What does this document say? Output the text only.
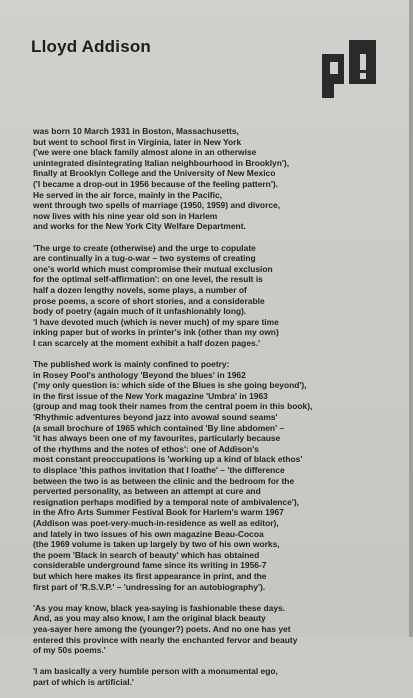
Lloyd Addison

was born 10 March 1931 in Boston, Massachusetts,
but went to school first in Virginia, later in New York
('we were one black family almost alone in an otherwise
unintegrated disintegrating Italian neighbourhood in Brooklyn'),
finally at Brooklyn College and the University of New Mexico
('I became a drop-out in 1956 because of the feeling pattern').
He served in the air force, mainly in the Pacific,
went through two spells of marriage (1950, 1959) and divorce,
now lives with his nine year old son in Harlem
and works for the New York City Welfare Department.

'The urge to create (otherwise) and the urge to copulate
are continually in a tug-o-war – two systems of creating
one's world which must compromise their mutual exclusion
for the optimal self-affirmation': on one level, the result is
half a dozen lengthy novels, some plays, a number of
prose poems, a score of short stories, and a considerable
body of poetry (again much of it unfashionably long).
'I have devoted much (which is never much) of my spare time
inking paper but of works in printer's ink (other than my own)
I can scarcely at the moment exhibit a half dozen pages.'

The published work is mainly confined to poetry:
in Rosey Pool's anthology 'Beyond the blues' in 1962
('my only question is: which side of the Blues is she going beyond'),
in the first issue of the New York magazine 'Umbra' in 1963
(group and mag took their names from the central poem in this book),
'Rhythmic adventures beyond jazz into avowal sound seams'
(a small brochure of 1965 which contained 'By line abdomen' –
'it has always been one of my favourites, particularly because
of the rhythms and the notes of ethos': one of Addison's
most constant preoccupations is 'working up a kind of black ethos'
to displace 'this pathos invitation that I loathe' – 'the difference
between the two is as between the clinic and the bedroom for the
perverted personality, as between an attempt at cure and
resignation perhaps modified by a temporal note of ambivalence'),
in the Afro Arts Summer Festival Book for Harlem's warm 1967
(Addison was poet-very-much-in-residence as well as editor),
and lately in two issues of his own magazine Beau-Cocoa
(the 1969 volume is taken up largely by two of his own works,
the poem 'Black in search of beauty' which has obtained
considerable underground fame since its writing in 1956-7
but which here makes its first appearance in print, and the
first part of 'R.S.V.P.' – 'undressing for an autobiography').

'As you may know, black yea-saying is fashionable these days.
And, as you may also know, I am the original black beauty
yea-sayer here among the (younger?) poets. And no one has yet
entered this province with nearly the enchanted fervor and beauty
of my 50s poems.'

'I am basically a very humble person with a monumental ego,
part of which is artificial.'
